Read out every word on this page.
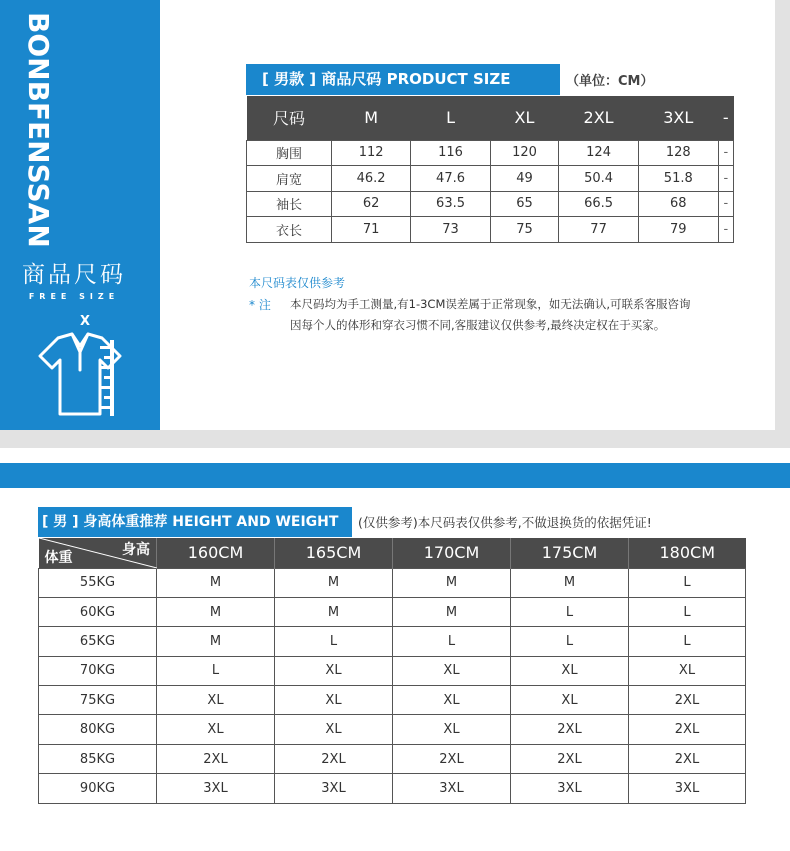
BONBFENSSAN
商品尺码
FREE SIZE
X
[ 男款 ] 商品尺码 PRODUCT SIZE	（单位：CM）
尺码	M	L	XL	2XL	3XL	-
胸围	112	116	120	124	128	-
肩宽	46.2	47.6	49	50.4	51.8	-
袖长	62	63.5	65	66.5	68	-
衣长	71	73	75	77	79	-
本尺码表仅供参考
* 注 本尺码均为手工测量,有1-3CM误差属于正常现象，如无法确认,可联系客服咨询
因每个人的体形和穿衣习惯不同,客服建议仅供参考,最终决定权在于买家。
[ 男 ] 身高体重推荐 HEIGHT AND WEIGHT	(仅供参考)本尺码表仅供参考,不做退换货的依据凭证!
身高
体重	160CM	165CM	170CM	175CM	180CM
55KG	M	M	M	M	L
60KG	M	M	M	L	L
65KG	M	L	L	L	L
70KG	L	XL	XL	XL	XL
75KG	XL	XL	XL	XL	2XL
80KG	XL	XL	XL	2XL	2XL
85KG	2XL	2XL	2XL	2XL	2XL
90KG	3XL	3XL	3XL	3XL	3XL
